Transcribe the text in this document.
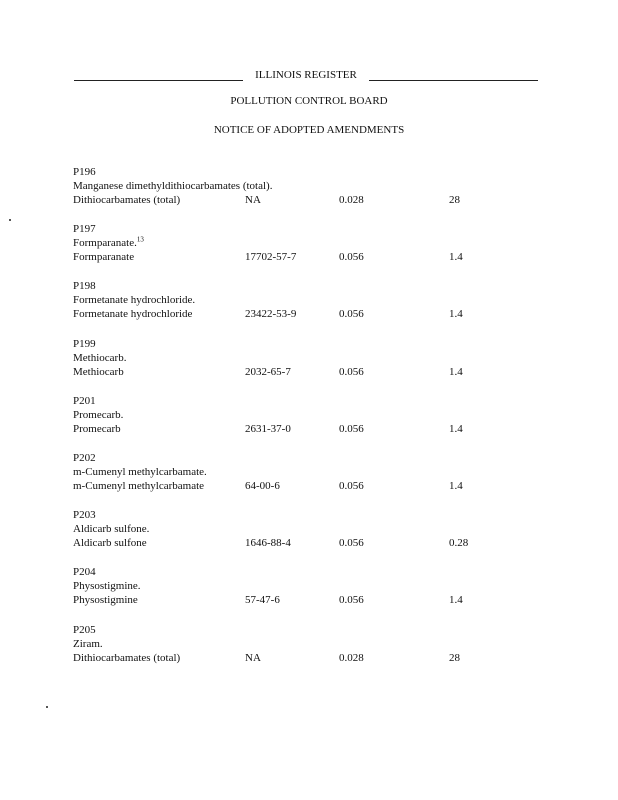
ILLINOIS REGISTER
POLLUTION CONTROL BOARD
NOTICE OF ADOPTED AMENDMENTS
P196
Manganese dimethyldithiocarbamates (total).
Dithiocarbamates (total)	NA	0.028	28
P197
Formparanate.$^{13}$
Formparanate	17702-57-7	0.056	1.4
P198
Formetanate hydrochloride.
Formetanate hydrochloride	23422-53-9	0.056	1.4
P199
Methiocarb.
Methiocarb	2032-65-7	0.056	1.4
P201
Promecarb.
Promecarb	2631-37-0	0.056	1.4
P202
m-Cumenyl methylcarbamate.
m-Cumenyl methylcarbamate	64-00-6	0.056	1.4
P203
Aldicarb sulfone.
Aldicarb sulfone	1646-88-4	0.056	0.28
P204
Physostigmine.
Physostigmine	57-47-6	0.056	1.4
P205
Ziram.
Dithiocarbamates (total)	NA	0.028	28
